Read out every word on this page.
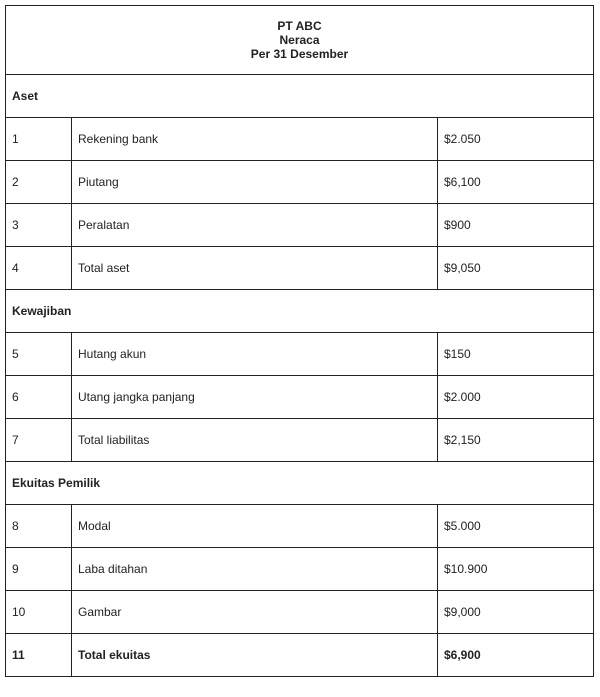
PT ABC
Neraca
Per 31 Desember		

Aset		
1	Rekening bank	$2.050
2	Piutang	$6,100
3	Peralatan	$900
4	Total aset	$9,050
Kewajiban		
5	Hutang akun	$150
6	Utang jangka panjang	$2.000
7	Total liabilitas	$2,150
Ekuitas Pemilik		
8	Modal	$5.000
9	Laba ditahan	$10.900
10	Gambar	$9,000
11	Total ekuitas	$6,900
